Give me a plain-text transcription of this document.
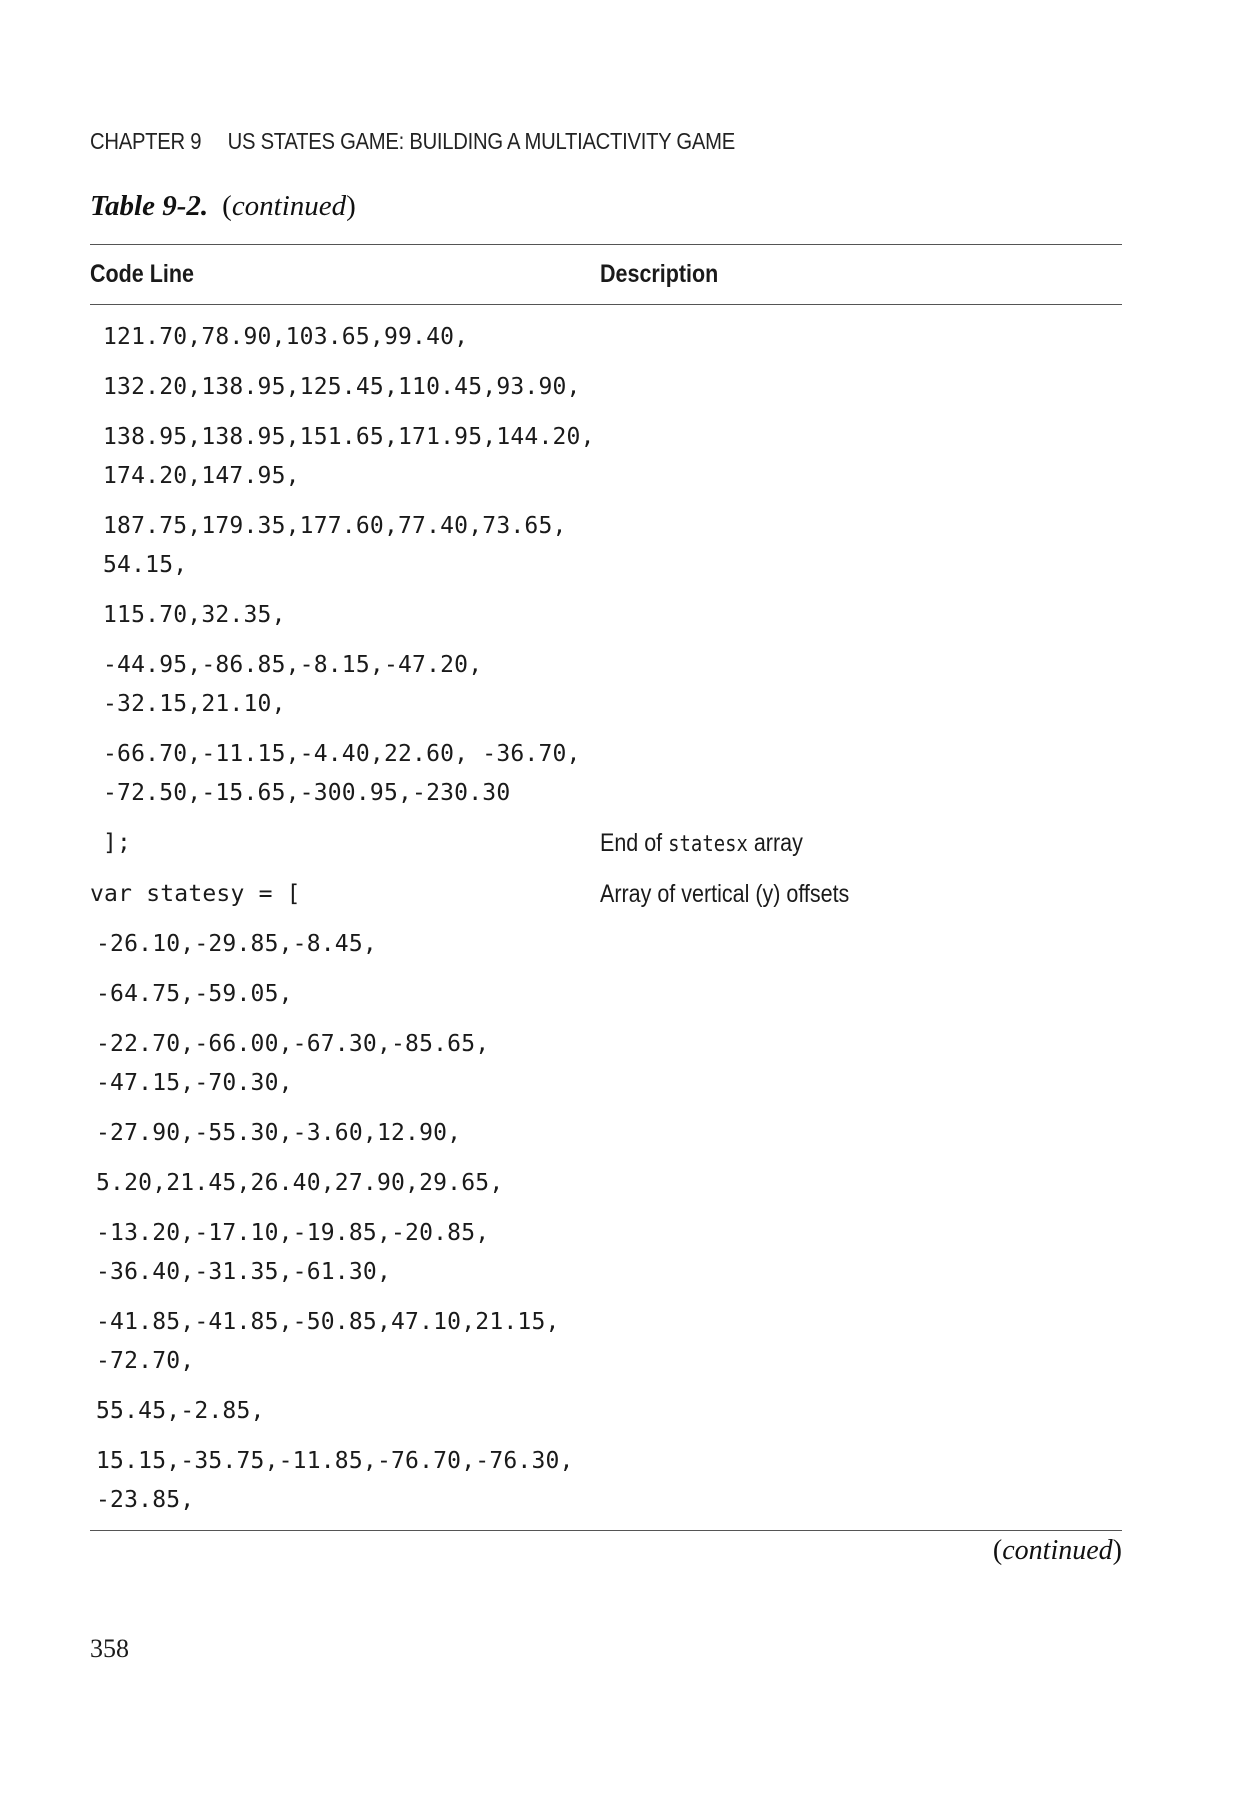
CHAPTER 9 US STATES GAME: BUILDING A MULTIACTIVITY GAME
Table 9-2. (continued)
Code Line	Description
121.70,78.90,103.65,99.40,
132.20,138.95,125.45,110.45,93.90,
138.95,138.95,151.65,171.95,144.20,
174.20,147.95,
187.75,179.35,177.60,77.40,73.65,
54.15,
115.70,32.35,
-44.95,-86.85,-8.15,-47.20,
-32.15,21.10,
-66.70,-11.15,-4.40,22.60, -36.70,
-72.50,-15.65,-300.95,-230.30
];	End of statesx array
var statesy = [	Array of vertical (y) offsets
-26.10,-29.85,-8.45,
-64.75,-59.05,
-22.70,-66.00,-67.30,-85.65,
-47.15,-70.30,
-27.90,-55.30,-3.60,12.90,
5.20,21.45,26.40,27.90,29.65,
-13.20,-17.10,-19.85,-20.85,
-36.40,-31.35,-61.30,
-41.85,-41.85,-50.85,47.10,21.15,
-72.70,
55.45,-2.85,
15.15,-35.75,-11.85,-76.70,-76.30,
-23.85,
(continued)
358
